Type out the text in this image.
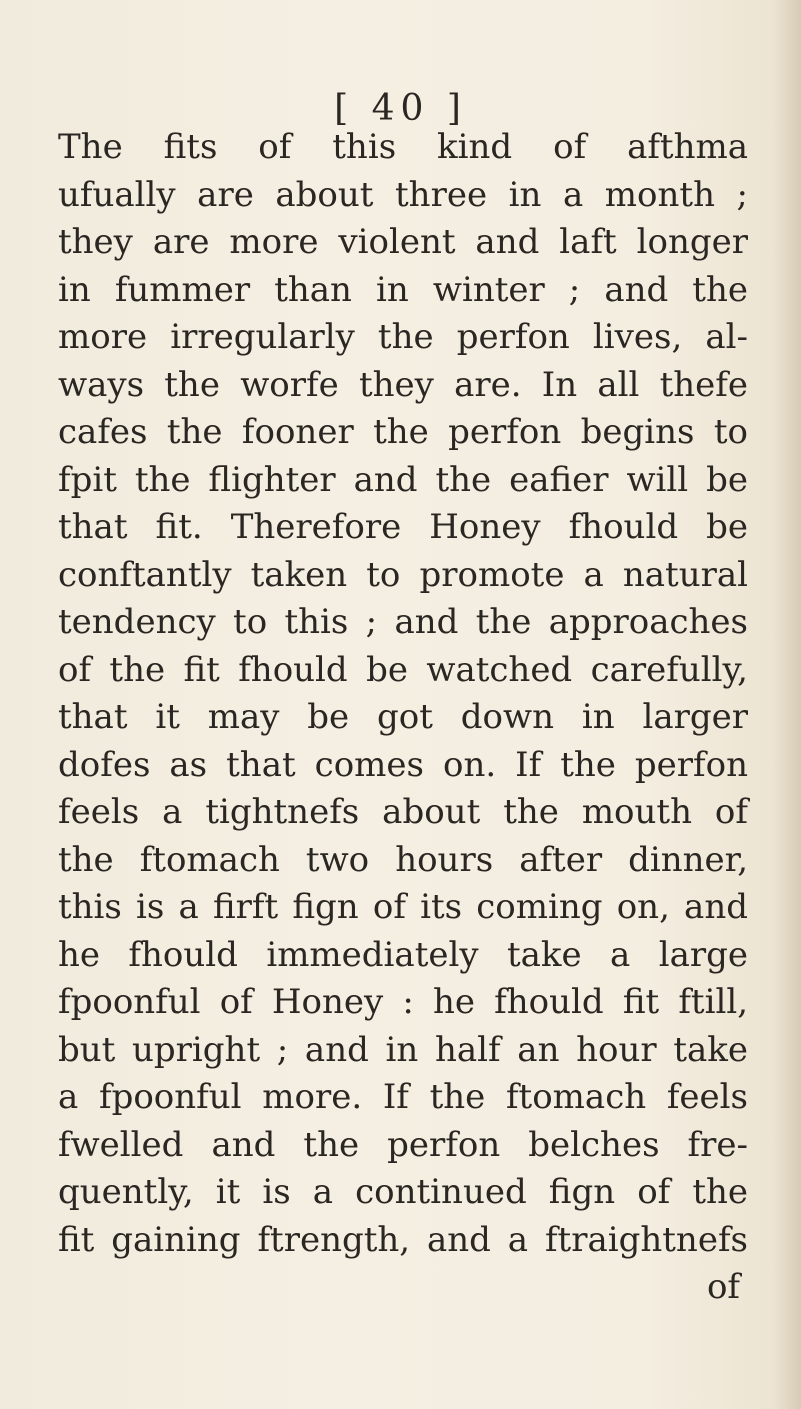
[ 40 ]
The fits of this kind of afthma
ufually are about three in a month ;
they are more violent and laft longer
in fummer than in winter ; and the
more irregularly the perfon lives, al-
ways the worfe they are. In all thefe
cafes the fooner the perfon begins to
fpit the flighter and the eafier will be
that fit. Therefore Honey fhould be
conftantly taken to promote a natural
tendency to this ; and the approaches
of the fit fhould be watched carefully,
that it may be got down in larger
dofes as that comes on. If the perfon
feels a tightnefs about the mouth of
the ftomach two hours after dinner,
this is a firft fign of its coming on, and
he fhould immediately take a large
fpoonful of Honey : he fhould fit ftill,
but upright ; and in half an hour take
a fpoonful more. If the ftomach feels
fwelled and the perfon belches fre-
quently, it is a continued fign of the
fit gaining ftrength, and a ftraightnefs
of
